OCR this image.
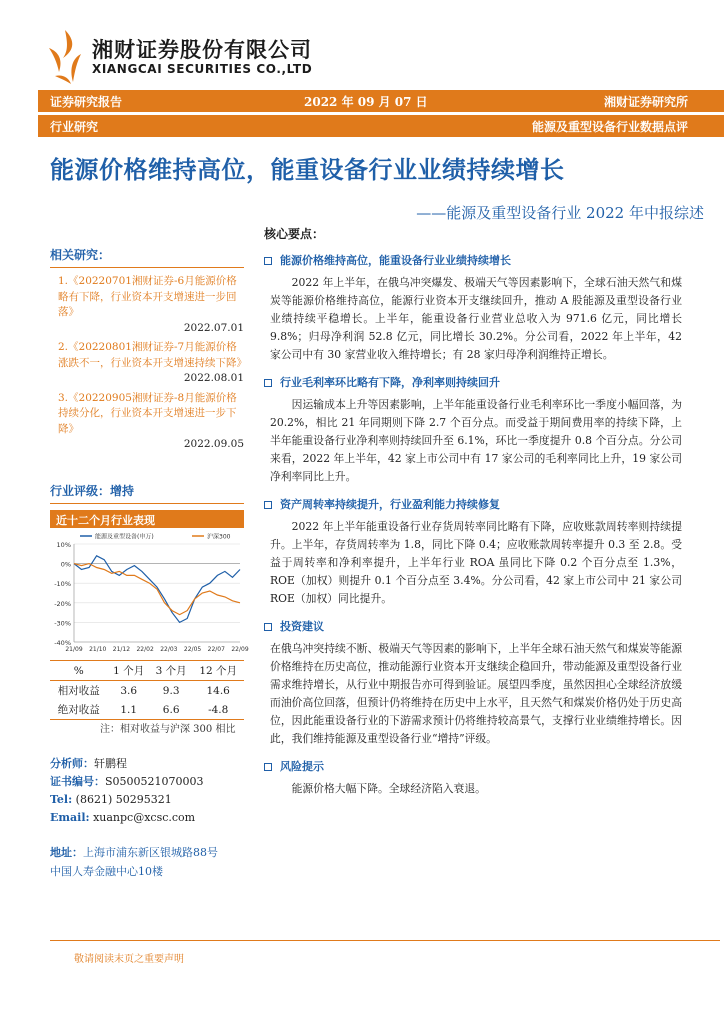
湘财证券股份有限公司
XIANGCAI SECURITIES CO.,LTD
证券研究报告	2022 年 09 月 07 日	湘财证券研究所
行业研究	能源及重型设备行业数据点评
能源价格维持高位，能重设备行业业绩持续增长
——能源及重型设备行业 2022 年中报综述
相关研究：
1.《20220701湘财证券-6月能源价格略有下降，行业资本开支增速进一步回落》
2022.07.01
2.《20220801湘财证券-7月能源价格涨跌不一，行业资本开支增速持续下降》
2022.08.01
3.《20220905湘财证券-8月能源价格持续分化，行业资本开支增速进一步下降》
2022.09.05
行业评级：增持
近十二个月行业表现
10%
0%
-10%
-20%
-30%
-40%
21/09 21/10 21/12 22/02 22/03 22/05 22/07 22/09
能源及重型设备(申万)	沪深300
%	1 个月	3 个月	12 个月
相对收益	3.6	9.3	14.6
绝对收益	1.1	6.6	-4.8
注：相对收益与沪深 300 相比
分析师：轩鹏程
证书编号：S0500521070003
Tel: (8621) 50295321
Email: xuanpc@xcsc.com
地址：上海市浦东新区银城路88号
中国人寿金融中心10楼
核心要点：
能源价格维持高位，能重设备行业业绩持续增长
2022 年上半年，在俄乌冲突爆发、极端天气等因素影响下，全球石油天然气和煤炭等能源价格维持高位，能源行业资本开支继续回升，推动 A 股能源及重型设备行业业绩持续平稳增长。上半年，能重设备行业营业总收入为 971.6 亿元，同比增长 9.8%；归母净利润 52.8 亿元，同比增长 30.2%。分公司看，2022 年上半年，42 家公司中有 30 家营业收入维持增长；有 28 家归母净利润维持正增长。
行业毛利率环比略有下降，净利率则持续回升
因运输成本上升等因素影响，上半年能重设备行业毛利率环比一季度小幅回落，为 20.2%，相比 21 年同期则下降 2.7 个百分点。而受益于期间费用率的持续下降，上半年能重设备行业净利率则持续回升至 6.1%，环比一季度提升 0.8 个百分点。分公司来看，2022 年上半年，42 家上市公司中有 17 家公司的毛利率同比上升，19 家公司净利率同比上升。
资产周转率持续提升，行业盈利能力持续修复
2022 年上半年能重设备行业存货周转率同比略有下降，应收账款周转率则持续提升。上半年，存货周转率为 1.8，同比下降 0.4；应收账款周转率提升 0.3 至 2.8。受益于周转率和净利率提升，上半年行业 ROA 虽同比下降 0.2 个百分点至 1.3%，ROE（加权）则提升 0.1 个百分点至 3.4%。分公司看，42 家上市公司中 21 家公司 ROE（加权）同比提升。
投资建议
在俄乌冲突持续不断、极端天气等因素的影响下，上半年全球石油天然气和煤炭等能源价格维持在历史高位，推动能源行业资本开支继续企稳回升，带动能源及重型设备行业需求维持增长，从行业中期报告亦可得到验证。展望四季度，虽然因担心全球经济放缓而油价高位回落，但预计仍将维持在历史中上水平，且天然气和煤炭价格仍处于历史高位，因此能重设备行业的下游需求预计仍将维持较高景气，支撑行业业绩维持增长。因此，我们维持能源及重型设备行业“增持”评级。
风险提示
能源价格大幅下降。全球经济陷入衰退。
敬请阅读末页之重要声明
